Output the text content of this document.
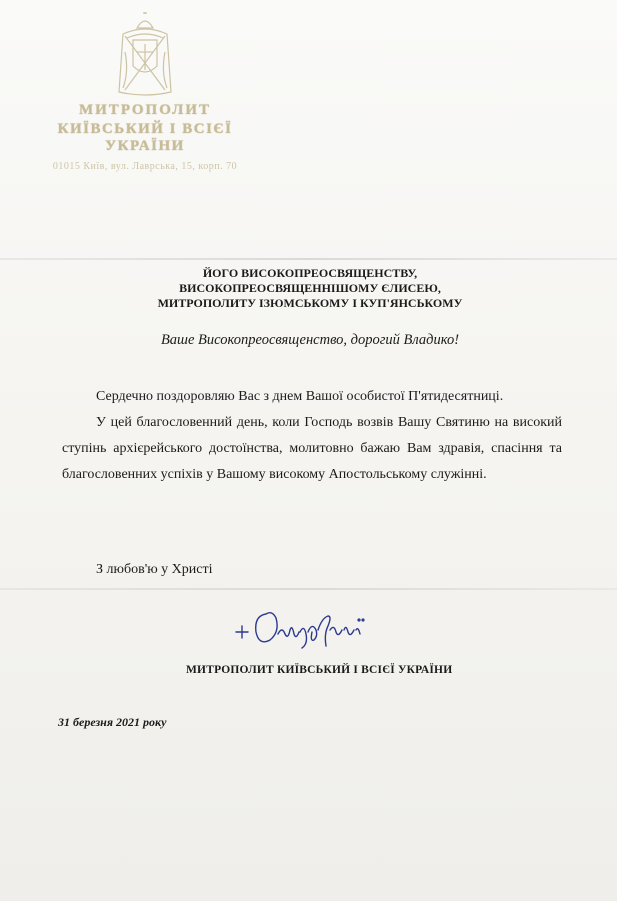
МИТРОПОЛИТ
КИЇВСЬКИЙ І ВСІЄЇ УКРАЇНИ
01015 Київ, вул. Лаврська, 15, корп. 70
ЙОГО ВИСОКОПРЕОСВЯЩЕНСТВУ,
ВИСОКОПРЕОСВЯЩЕННІШОМУ ЄЛИСЕЮ,
МИТРОПОЛИТУ ІЗЮМСЬКОМУ І КУП'ЯНСЬКОМУ
Ваше Високопреосвященство, дорогий Владико!

Сердечно поздоровляю Вас з днем Вашої особистої П'ятидесятниці.

У цей благословенний день, коли Господь возвів Вашу Святиню на високий ступінь архієрейського достоїнства, молитовно бажаю Вам здравія, спасіння та благословенних успіхів у Вашому високому Апостольському служінні.

З любов'ю у Христі
МИТРОПОЛИТ КИЇВСЬКИЙ І ВСІЄЇ УКРАЇНИ
31 березня 2021 року
